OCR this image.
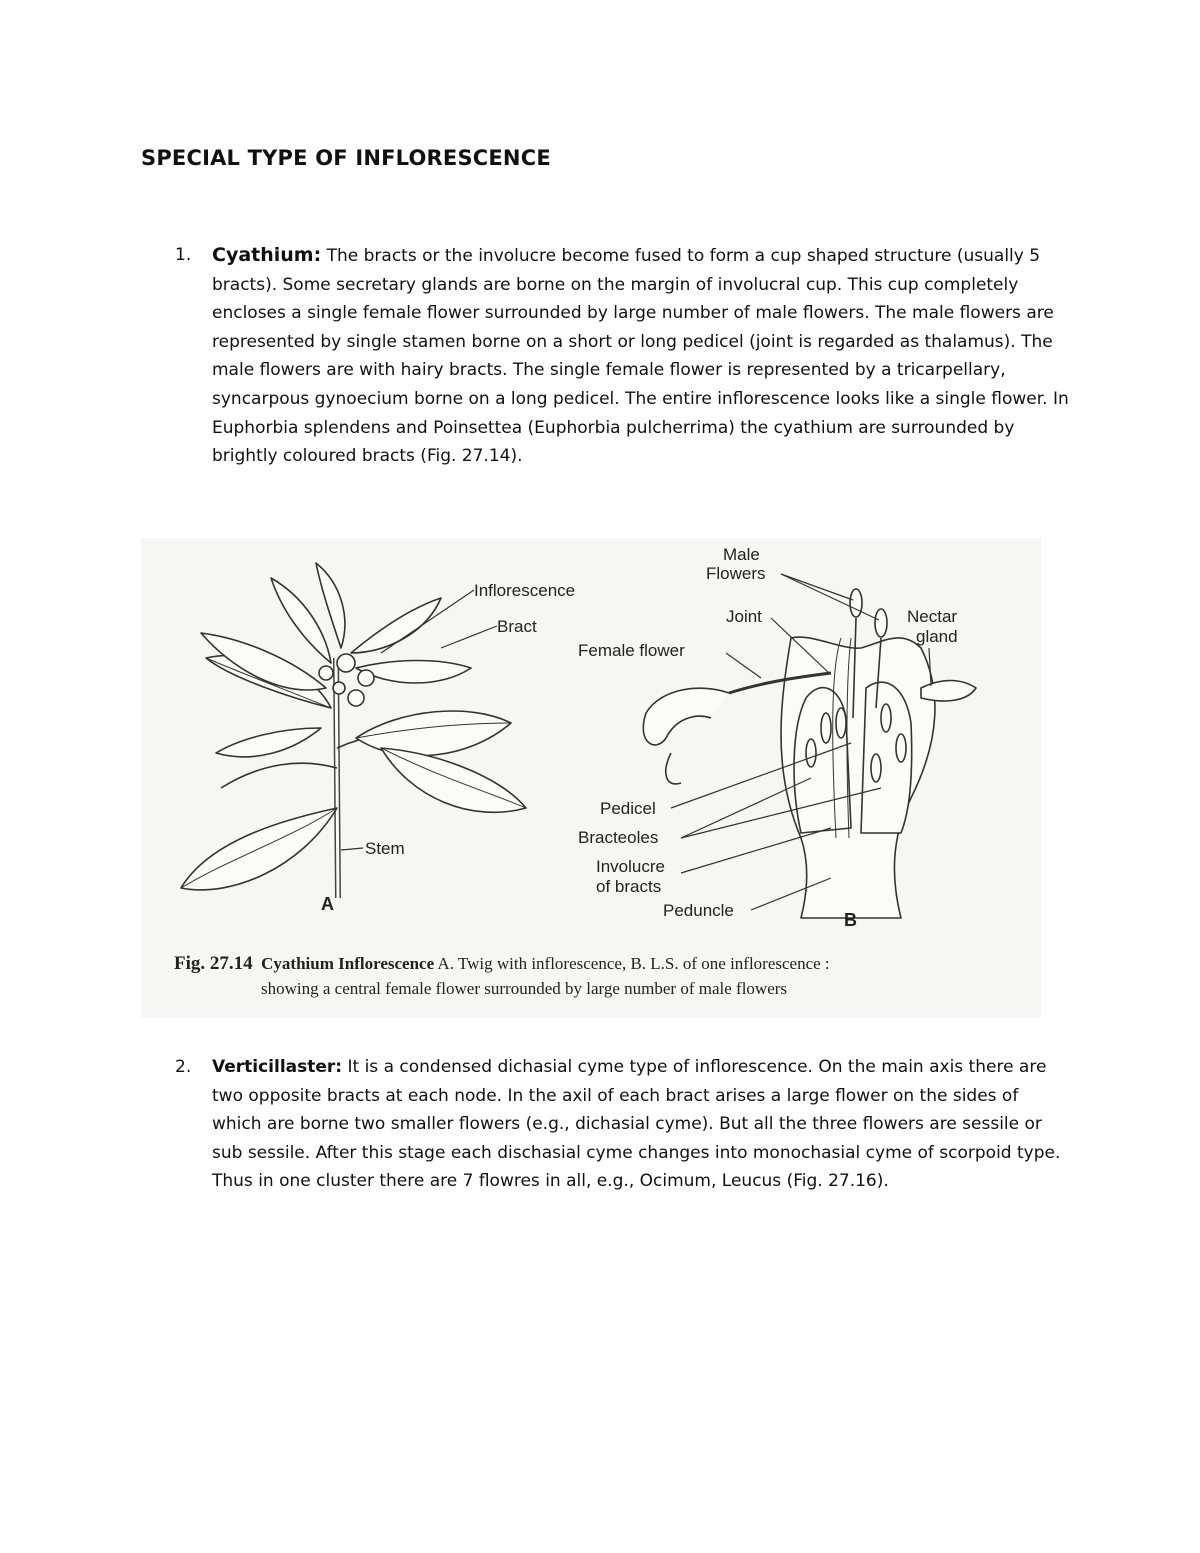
SPECIAL TYPE OF INFLORESCENCE
1. Cyathium: The bracts or the involucre become fused to form a cup shaped structure (usually 5 bracts). Some secretary glands are borne on the margin of involucral cup. This cup completely encloses a single female flower surrounded by large number of male flowers. The male flowers are represented by single stamen borne on a short or long pedicel (joint is regarded as thalamus). The male flowers are with hairy bracts. The single female flower is represented by a tricarpellary, syncarpous gynoecium borne on a long pedicel. The entire inflorescence looks like a single flower. In Euphorbia splendens and Poinsettea (Euphorbia pulcherrima) the cyathium are surrounded by brightly coloured bracts (Fig. 27.14).

Inflorescence
Bract
Stem
A
Male
Flowers
Joint	Nectar
gland
Female flower
Pedicel
Bracteoles
Involucre
of bracts
Peduncle	B
Fig. 27.14 Cyathium Inflorescence A. Twig with inflorescence, B. L.S. of one inflorescence :
showing a central female flower surrounded by large number of male flowers
2. Verticillaster: It is a condensed dichasial cyme type of inflorescence. On the main axis there are two opposite bracts at each node. In the axil of each bract arises a large flower on the sides of which are borne two smaller flowers (e.g., dichasial cyme). But all the three flowers are sessile or sub sessile. After this stage each dischasial cyme changes into monochasial cyme of scorpoid type. Thus in one cluster there are 7 flowres in all, e.g., Ocimum, Leucus (Fig. 27.16).
